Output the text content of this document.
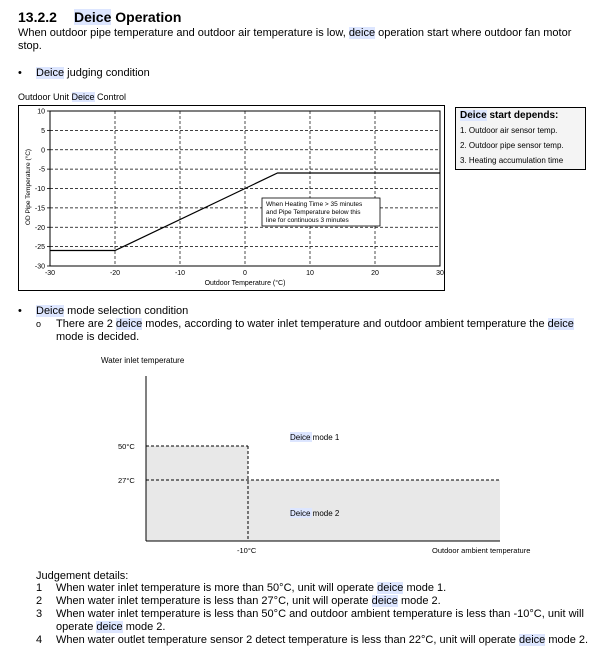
13.2.2 Deice Operation
When outdoor pipe temperature and outdoor air temperature is low, deice operation start where outdoor fan motor stop.
• Deice judging condition
Outdoor Unit Deice Control
10
5
0
-5
-10
-15
-20
-25
-30
-30	-20	-10	0	10	20	30
When Heating Time > 35 minutes
and Pipe Temperature below this
line for continuous 3 minutes
Outdoor Temperature (°C)
OD Pipe Temperature (°C)
Deice start depends:
1. Outdoor air sensor temp.
2. Outdoor pipe sensor temp.
3. Heating accumulation time
• Deice mode selection condition
o There are 2 deice modes, according to water inlet temperature and outdoor ambient temperature the deice mode is decided.
Water inlet temperature
50°C
27°C
-10°C	Outdoor ambient temperature
Deice mode 1
Deice mode 2
Judgement details:
1 When water inlet temperature is more than 50°C, unit will operate deice mode 1.
2 When water inlet temperature is less than 27°C, unit will operate deice mode 2.
3 When water inlet temperature is less than 50°C and outdoor ambient temperature is less than -10°C, unit will operate deice mode 2.
4 When water outlet temperature sensor 2 detect temperature is less than 22°C, unit will operate deice mode 2.
